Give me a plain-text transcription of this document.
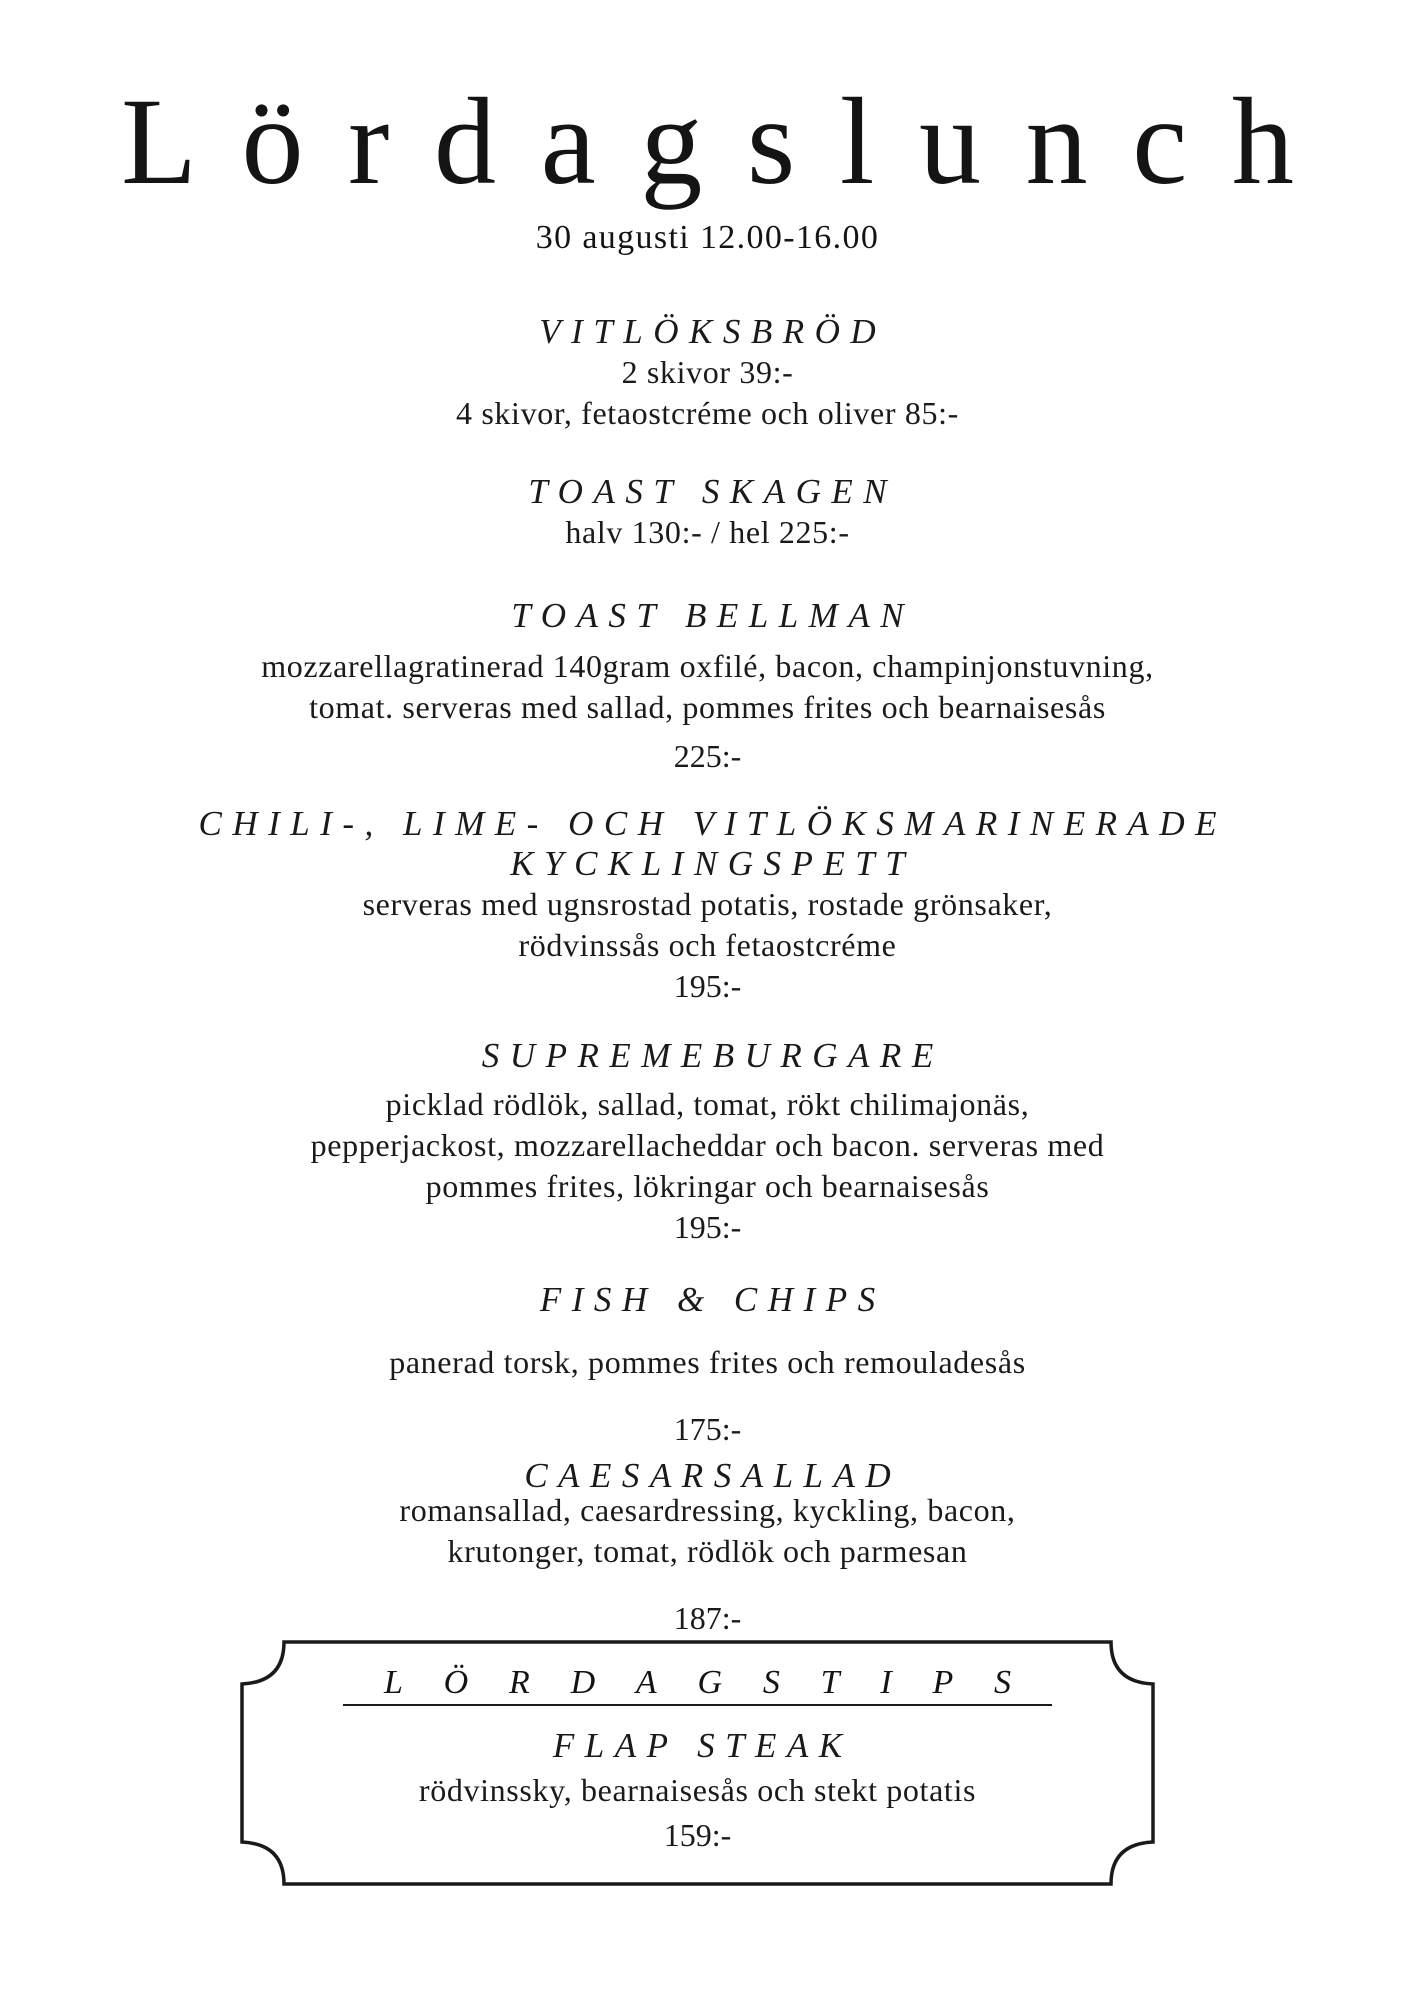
Lördagslunch
30 augusti 12.00-16.00
VITLÖKSBRÖD
2 skivor 39:-
4 skivor, fetaostcréme och oliver 85:-
TOAST SKAGEN
halv 130:- / hel 225:-
TOAST BELLMAN
mozzarellagratinerad 140gram oxfilé, bacon, champinjonstuvning,
tomat. serveras med sallad, pommes frites och bearnaisesås
225:-
CHILI-, LIME- OCH VITLÖKSMARINERADE
KYCKLINGSPETT
serveras med ugnsrostad potatis, rostade grönsaker,
rödvinssås och fetaostcréme
195:-
SUPREMEBURGARE
picklad rödlök, sallad, tomat, rökt chilimajonäs,
pepperjackost, mozzarellacheddar och bacon. serveras med
pommes frites, lökringar och bearnaisesås
195:-
FISH & CHIPS
panerad torsk, pommes frites och remouladesås
175:-
CAESARSALLAD
romansallad, caesardressing, kyckling, bacon,
krutonger, tomat, rödlök och parmesan
187:-
LÖRDAGSTIPS
FLAP STEAK
rödvinssky, bearnaisesås och stekt potatis
159:-
